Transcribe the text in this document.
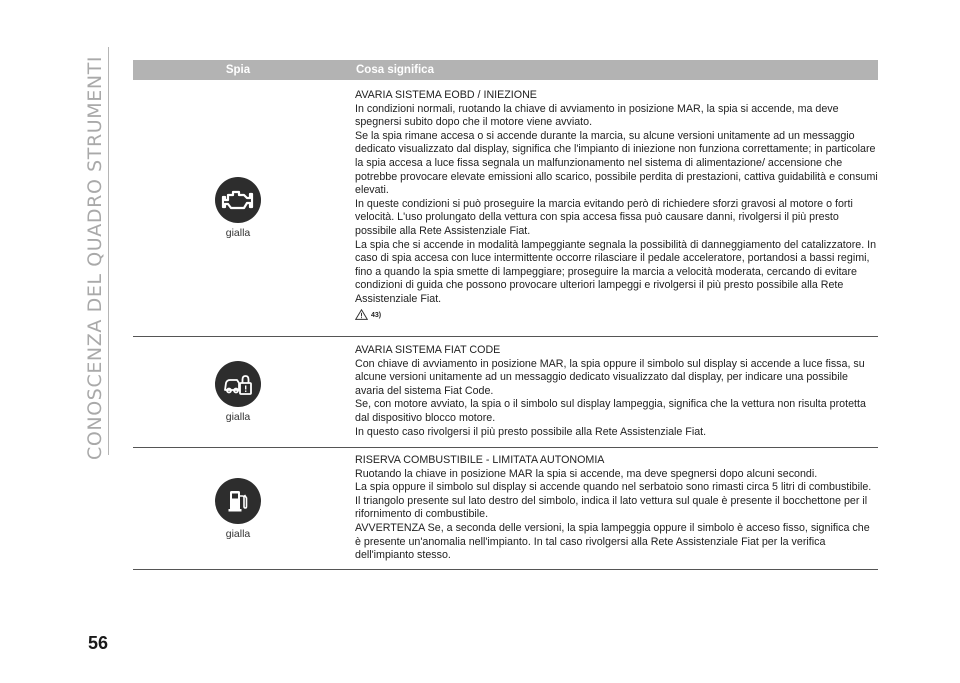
CONOSCENZA DEL QUADRO STRUMENTI	Spia	Cosa significa
gialla

AVARIA SISTEMA EOBD / INIEZIONE

In condizioni normali, ruotando la chiave di avviamento in posizione MAR, la spia si accende, ma deve spegnersi subito dopo che il motore viene avviato.

Se la spia rimane accesa o si accende durante la marcia, su alcune versioni unitamente ad un messaggio dedicato visualizzato dal display, significa che l'impianto di iniezione non funziona correttamente; in particolare la spia accesa a luce fissa segnala un malfunzionamento nel sistema di alimentazione/ accensione che potrebbe provocare elevate emissioni allo scarico, possibile perdita di prestazioni, cattiva guidabilità e consumi elevati.

In queste condizioni si può proseguire la marcia evitando però di richiedere sforzi gravosi al motore o forti velocità. L'uso prolungato della vettura con spia accesa fissa può causare danni, rivolgersi il più presto possibile alla Rete Assistenziale Fiat.

La spia che si accende in modalità lampeggiante segnala la possibilità di danneggiamento del catalizzatore. In caso di spia accesa con luce intermittente occorre rilasciare il pedale acceleratore, portandosi a bassi regimi, fino a quando la spia smette di lampeggiare; proseguire la marcia a velocità moderata, cercando di evitare condizioni di guida che possono provocare ulteriori lampeggi e rivolgersi il più presto possibile alla Rete Assistenziale Fiat.

43)
gialla

AVARIA SISTEMA FIAT CODE

Con chiave di avviamento in posizione MAR, la spia oppure il simbolo sul display si accende a luce fissa, su alcune versioni unitamente ad un messaggio dedicato visualizzato dal display, per indicare una possibile avaria del sistema Fiat Code.

Se, con motore avviato, la spia o il simbolo sul display lampeggia, significa che la vettura non risulta protetta dal dispositivo blocco motore.

In questo caso rivolgersi il più presto possibile alla Rete Assistenziale Fiat.

gialla

RISERVA COMBUSTIBILE - LIMITATA AUTONOMIA

Ruotando la chiave in posizione MAR la spia si accende, ma deve spegnersi dopo alcuni secondi.

La spia oppure il simbolo sul display si accende quando nel serbatoio sono rimasti circa 5 litri di combustibile. Il triangolo presente sul lato destro del simbolo, indica il lato vettura sul quale è presente il bocchettone per il rifornimento di combustibile.

AVVERTENZA Se, a seconda delle versioni, la spia lampeggia oppure il simbolo è acceso fisso, significa che è presente un'anomalia nell'impianto. In tal caso rivolgersi alla Rete Assistenziale Fiat per la verifica dell'impianto stesso.

56
